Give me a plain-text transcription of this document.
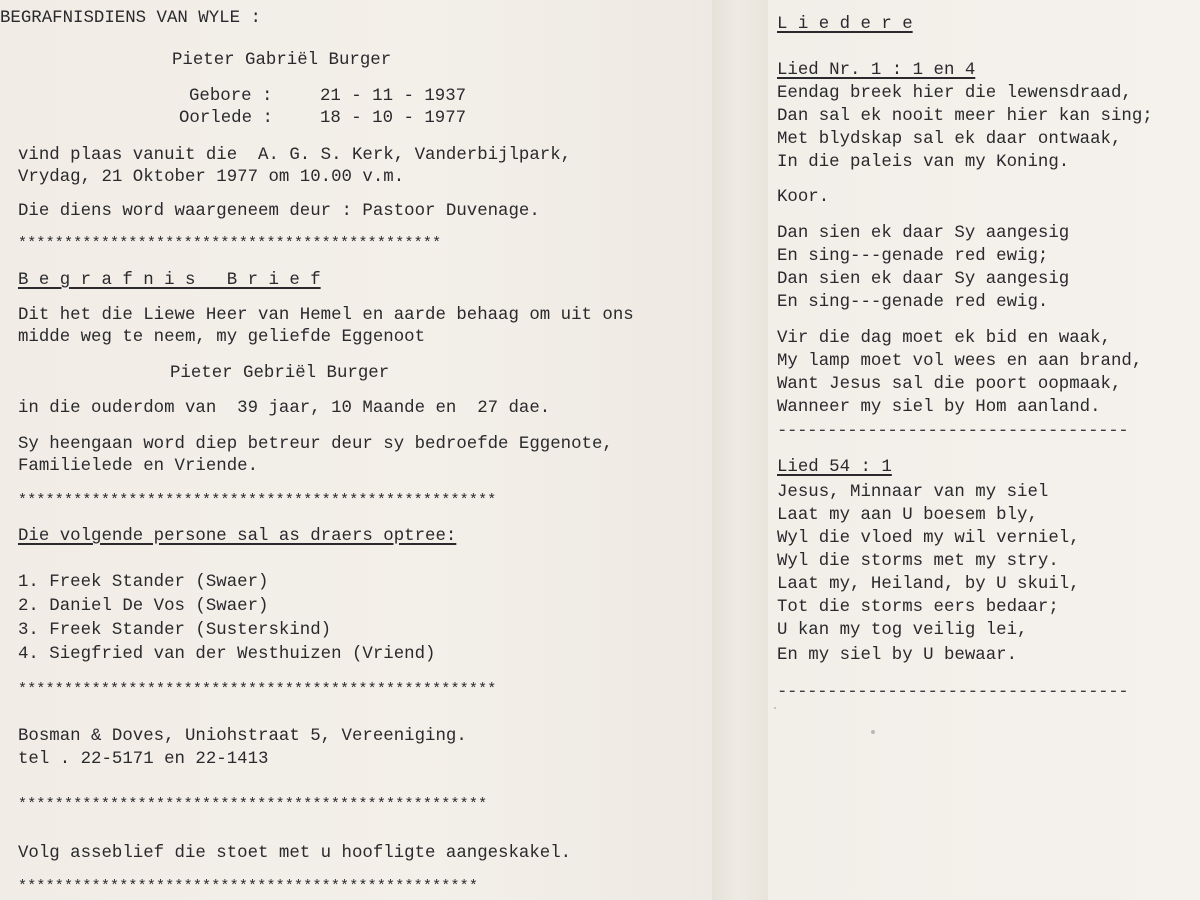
BEGRAFNISDIENS VAN WYLE :
Pieter Gabriël Burger
Gebore :	21 - 11 - 1937
Oorlede :	18 - 10 - 1977
vind plaas vanuit die  A. G. S. Kerk, Vanderbijlpark,
Vrydag, 21 Oktober 1977 om 10.00 v.m.
Die diens word waargeneem deur : Pastoor Duvenage.
**********************************************
B e g r a f n i s   B r i e f
Dit het die Liewe Heer van Hemel en aarde behaag om uit ons
midde weg te neem, my geliefde Eggenoot
Pieter Gebriël Burger
in die ouderdom van  39 jaar, 10 Maande en  27 dae.
Sy heengaan word diep betreur deur sy bedroefde Eggenote,
Familielede en Vriende.
****************************************************
Die volgende persone sal as draers optree:
1. Freek Stander (Swaer)
2. Daniel De Vos (Swaer)
3. Freek Stander (Susterskind)
4. Siegfried van der Westhuizen (Vriend)
****************************************************
Bosman & Doves, Uniohstraat 5, Vereeniging.
tel . 22-5171 en 22-1413
***************************************************
Volg asseblief die stoet met u hoofligte aangeskakel.
**************************************************
L i e d e r e
Lied Nr. 1 : 1 en 4
Eendag breek hier die lewensdraad,
Dan sal ek nooit meer hier kan sing;
Met blydskap sal ek daar ontwaak,
In die paleis van my Koning.
Koor.
Dan sien ek daar Sy aangesig
En sing---genade red ewig;
Dan sien ek daar Sy aangesig
En sing---genade red ewig.
Vir die dag moet ek bid en waak,
My lamp moet vol wees en aan brand,
Want Jesus sal die poort oopmaak,
Wanneer my siel by Hom aanland.
-----------------------------------
Lied 54 : 1
Jesus, Minnaar van my siel
Laat my aan U boesem bly,
Wyl die vloed my wil verniel,
Wyl die storms met my stry.
Laat my, Heiland, by U skuil,
Tot die storms eers bedaar;
U kan my tog veilig lei,
En my siel by U bewaar.
-----------------------------------
